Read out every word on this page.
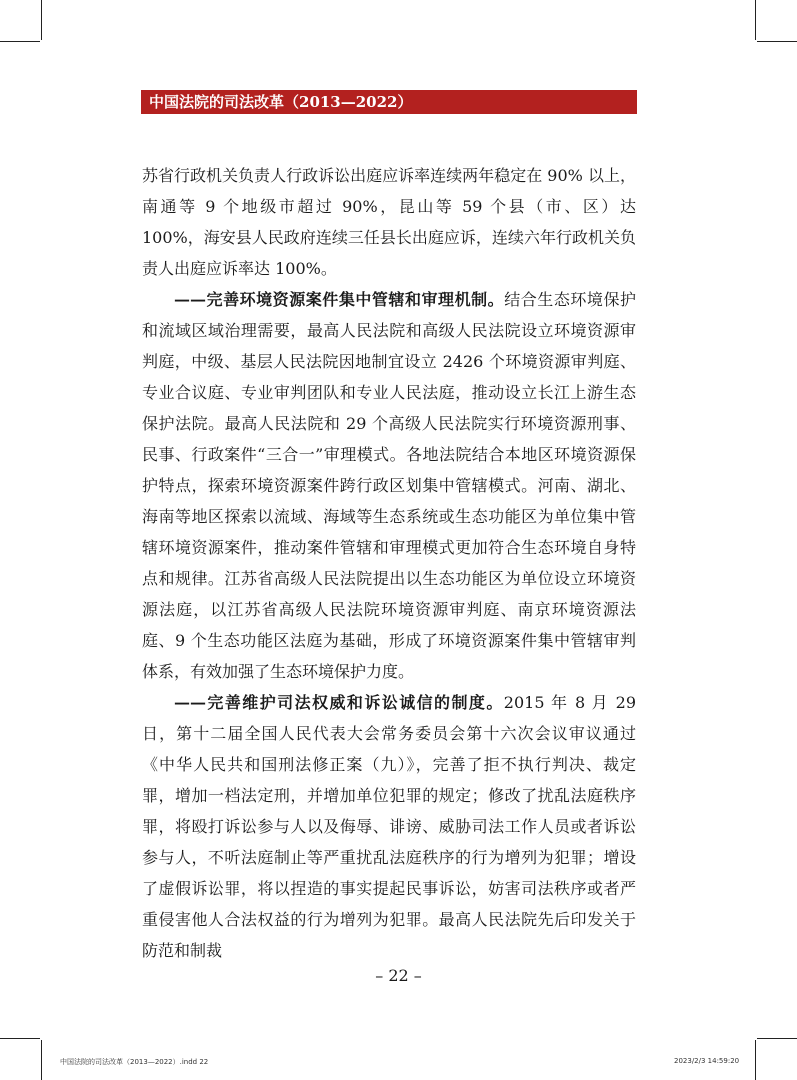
中国法院的司法改革（2013—2022）

苏省行政机关负责人行政诉讼出庭应诉率连续两年稳定在 90% 以上，南通等 9 个地级市超过 90%，昆山等 59 个县（市、区）达 100%，海安县人民政府连续三任县长出庭应诉，连续六年行政机关负责人出庭应诉率达 100%。

——完善环境资源案件集中管辖和审理机制。结合生态环境保护和流域区域治理需要，最高人民法院和高级人民法院设立环境资源审判庭，中级、基层人民法院因地制宜设立 2426 个环境资源审判庭、专业合议庭、专业审判团队和专业人民法庭，推动设立长江上游生态保护法院。最高人民法院和 29 个高级人民法院实行环境资源刑事、民事、行政案件“三合一”审理模式。各地法院结合本地区环境资源保护特点，探索环境资源案件跨行政区划集中管辖模式。河南、湖北、海南等地区探索以流域、海域等生态系统或生态功能区为单位集中管辖环境资源案件，推动案件管辖和审理模式更加符合生态环境自身特点和规律。江苏省高级人民法院提出以生态功能区为单位设立环境资源法庭，以江苏省高级人民法院环境资源审判庭、南京环境资源法庭、9 个生态功能区法庭为基础，形成了环境资源案件集中管辖审判体系，有效加强了生态环境保护力度。

——完善维护司法权威和诉讼诚信的制度。2015 年 8 月 29 日，第十二届全国人民代表大会常务委员会第十六次会议审议通过《中华人民共和国刑法修正案（九）》，完善了拒不执行判决、裁定罪，增加一档法定刑，并增加单位犯罪的规定；修改了扰乱法庭秩序罪，将殴打诉讼参与人以及侮辱、诽谤、威胁司法工作人员或者诉讼参与人，不听法庭制止等严重扰乱法庭秩序的行为增列为犯罪；增设了虚假诉讼罪，将以捏造的事实提起民事诉讼，妨害司法秩序或者严重侵害他人合法权益的行为增列为犯罪。最高人民法院先后印发关于防范和制裁

– 22 –
中国法院的司法改革（2013—2022）.indd 22	2023/2/3 14:59:20
